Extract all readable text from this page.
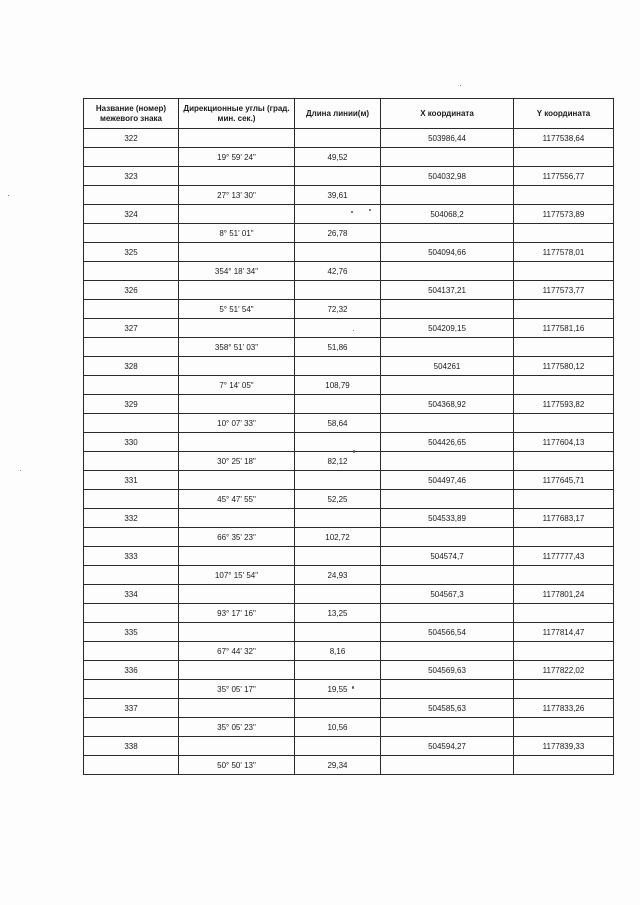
Название (номер) межевого знака	Дирекционные углы (град. мин. сек.)	Длина линии(м)	X координата	Y координата
322			503986,44	1177538,64
	19° 59' 24"	49,52		
323			504032,98	1177556,77
	27° 13' 30"	39,61		
324			504068,2	1177573,89
	8° 51' 01"	26,78		
325			504094,66	1177578,01
	354° 18' 34"	42,76		
326			504137,21	1177573,77
	5° 51' 54"	72,32		
327			504209,15	1177581,16
	358° 51' 03"	51,86		
328			504261	1177580,12
	7° 14' 05"	108,79		
329			504368,92	1177593,82
	10° 07' 33"	58,64		
330			504426,65	1177604,13
	30° 25' 18"	82,12		
331			504497,46	1177645,71
	45° 47' 55"	52,25		
332			504533,89	1177683,17
	66° 35' 23"	102,72		
333			504574,7	1177777,43
	107° 15' 54"	24,93		
334			504567,3	1177801,24
	93° 17' 16"	13,25		
335			504566,54	1177814,47
	67° 44' 32"	8,16		
336			504569,63	1177822,02
	35° 05' 17"	19,55		
337			504585,63	1177833,26
	35° 05' 23"	10,56		
338			504594,27	1177839,33
	50° 50' 13"	29,34		
